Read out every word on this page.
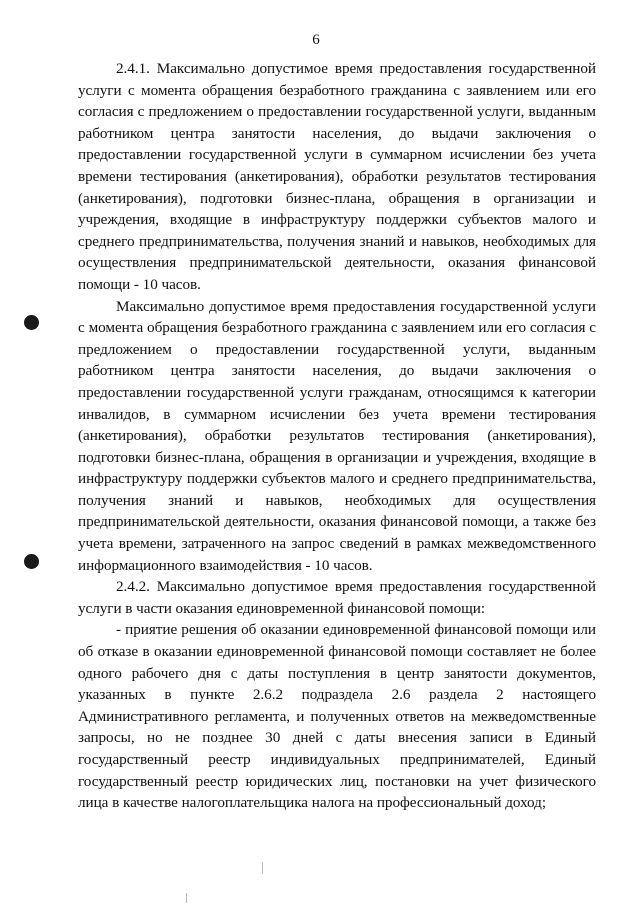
6

2.4.1. Максимально допустимое время предоставления государственной услуги с момента обращения безработного гражданина с заявлением или его согласия с предложением о предоставлении государственной услуги, выданным работником центра занятости населения, до выдачи заключения о предоставлении государственной услуги в суммарном исчислении без учета времени тестирования (анкетирования), обработки результатов тестирования (анкетирования), подготовки бизнес-плана, обращения в организации и учреждения, входящие в инфраструктуру поддержки субъектов малого и среднего предпринимательства, получения знаний и навыков, необходимых для осуществления предпринимательской деятельности, оказания финансовой помощи - 10 часов.

Максимально допустимое время предоставления государственной услуги с момента обращения безработного гражданина с заявлением или его согласия с предложением о предоставлении государственной услуги, выданным работником центра занятости населения, до выдачи заключения о предоставлении государственной услуги гражданам, относящимся к категории инвалидов, в суммарном исчислении без учета времени тестирования (анкетирования), обработки результатов тестирования (анкетирования), подготовки бизнес-плана, обращения в организации и учреждения, входящие в инфраструктуру поддержки субъектов малого и среднего предпринимательства, получения знаний и навыков, необходимых для осуществления предпринимательской деятельности, оказания финансовой помощи, а также без учета времени, затраченного на запрос сведений в рамках межведомственного информационного взаимодействия - 10 часов.

2.4.2. Максимально допустимое время предоставления государственной услуги в части оказания единовременной финансовой помощи:

- приятие решения об оказании единовременной финансовой помощи или об отказе в оказании единовременной финансовой помощи составляет не более одного рабочего дня с даты поступления в центр занятости документов, указанных в пункте 2.6.2 подраздела 2.6 раздела 2 настоящего Административного регламента, и полученных ответов на межведомственные запросы, но не позднее 30 дней с даты внесения записи в Единый государственный реестр индивидуальных предпринимателей, Единый государственный реестр юридических лиц, постановки на учет физического лица в качестве налогоплательщика налога на профессиональный доход;
